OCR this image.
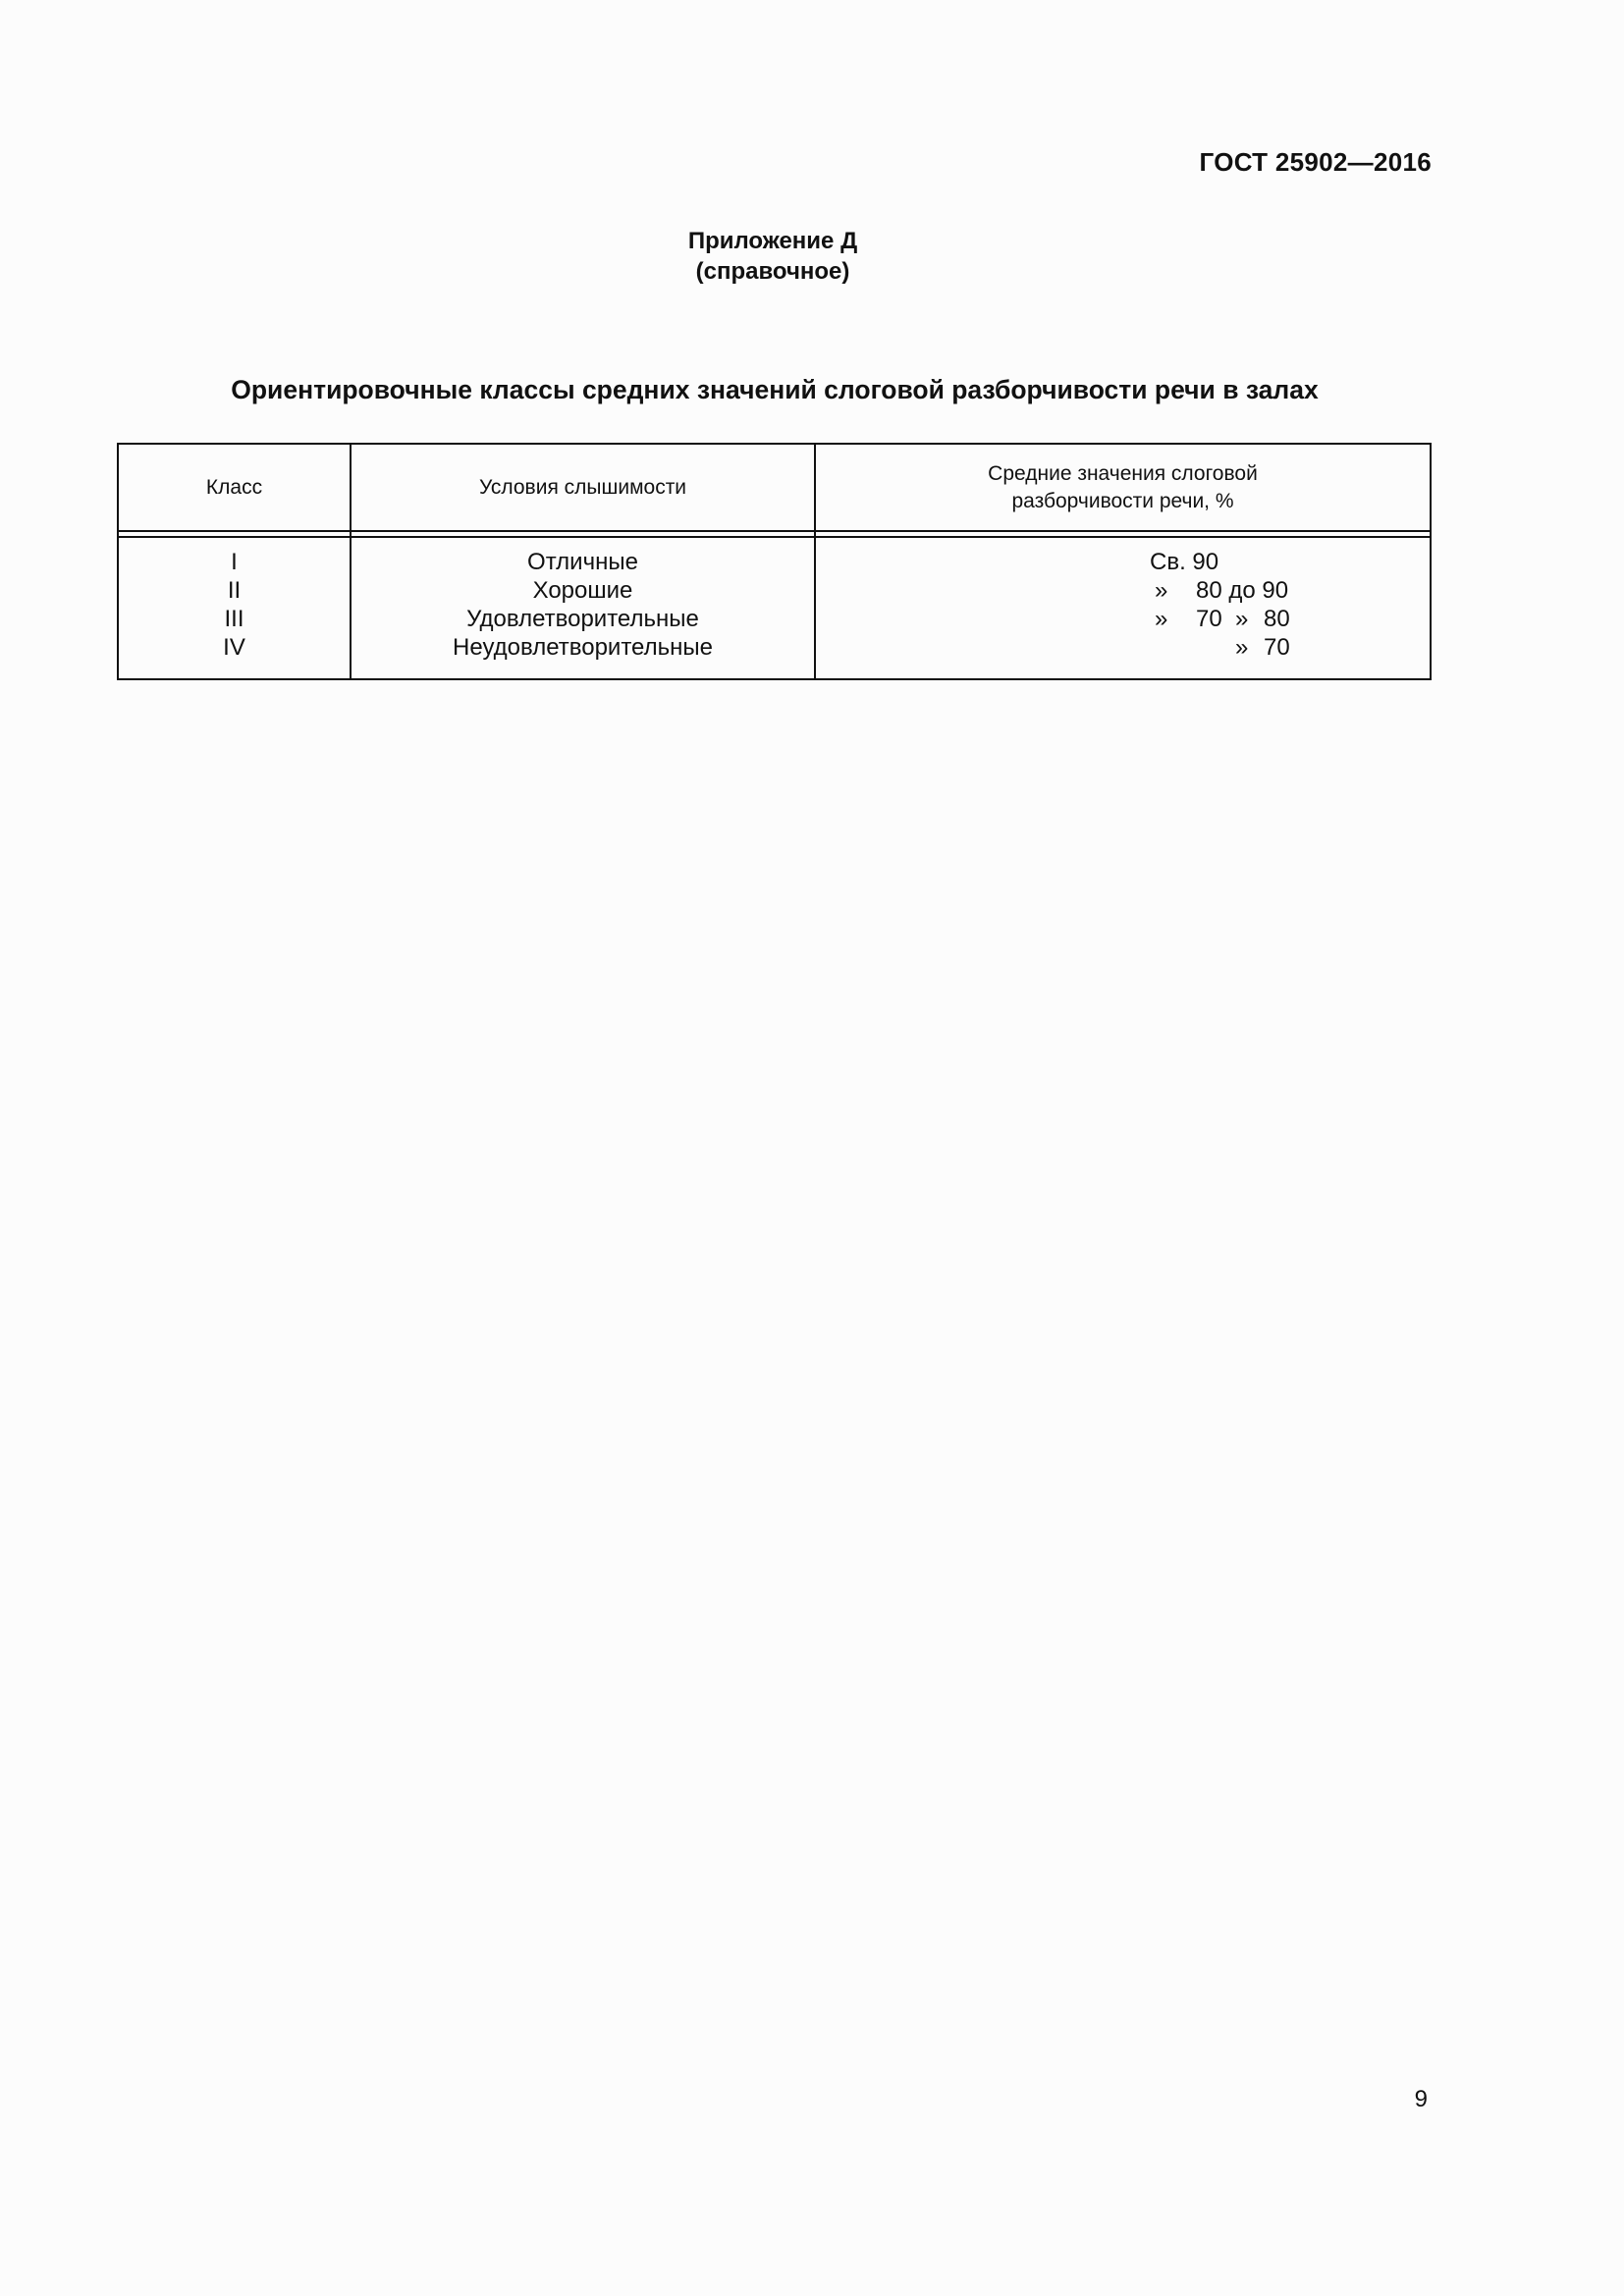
ГОСТ 25902—2016
Приложение Д
(справочное)
Ориентировочные классы средних значений слоговой разборчивости речи в залах
Класс	Условия слышимости
Средние значения слоговой
разборчивости речи, %
I
II
III
IV
Отличные
Хорошие
Удовлетворительные
Неудовлетворительные
Св. 90
» 80 до 90
» 70 » 80
» 70
9
